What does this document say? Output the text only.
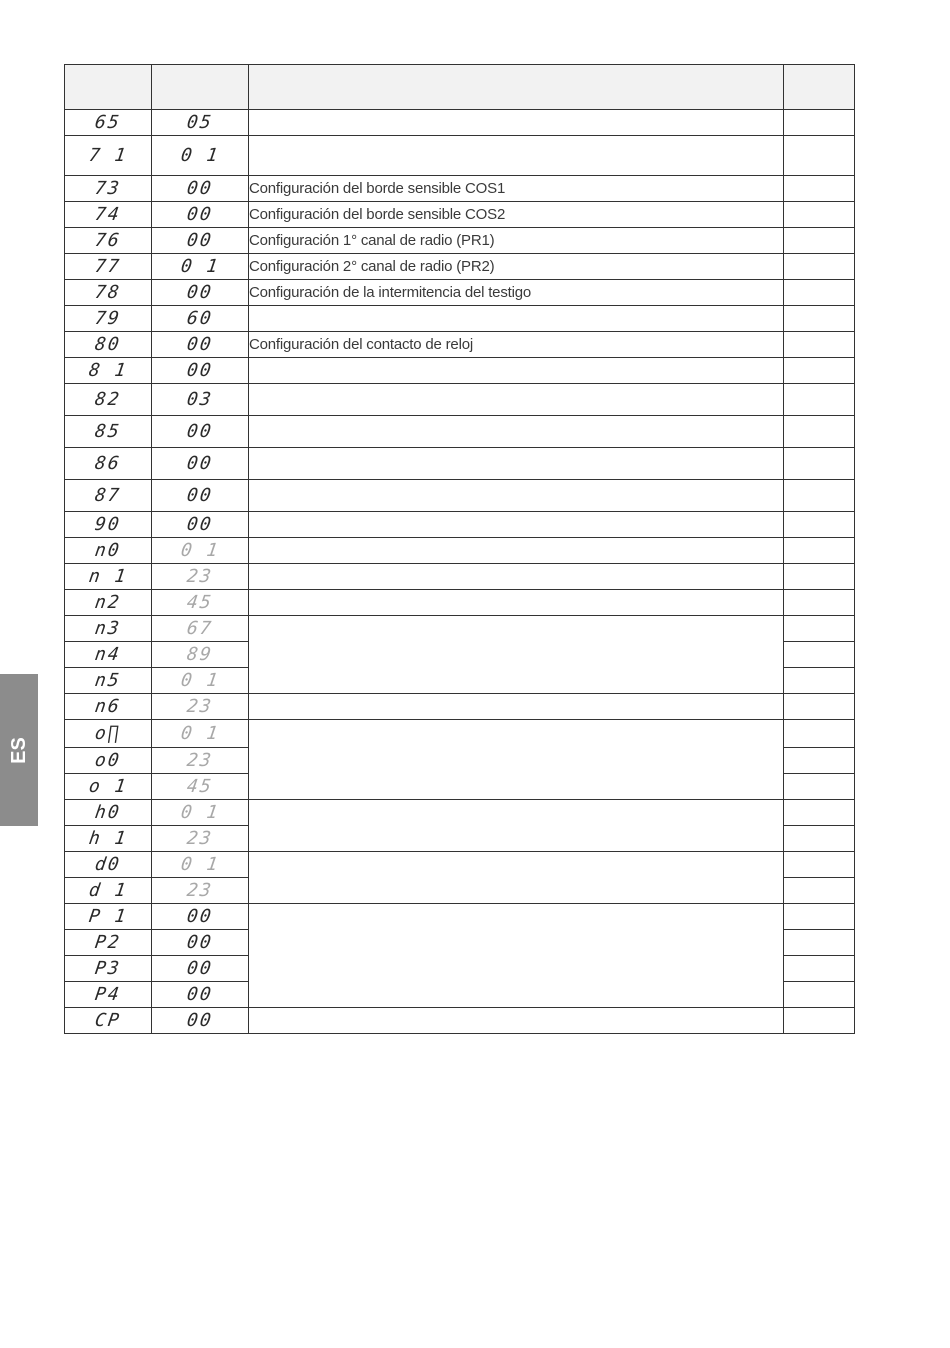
ES

65	05		
7 1	0 1		
73	00	Configuración del borde sensible COS1	
74	00	Configuración del borde sensible COS2	
76	00	Configuración 1° canal de radio (PR1)	
77	0 1	Configuración 2° canal de radio (PR2)	
78	00	Configuración de la intermitencia del testigo	
79	60		
80	00	Configuración del contacto de reloj	
8 1	00		
82	03		
85	00		
86	00		
87	00		
90	00		
n0	0 1		
n 1	23		
n2	45		
n3	67		
n4	89		
n5	0 1		
n6	23		
o∏	0 1		
o0	23		
o 1	45		
h0	0 1		
h 1	23		
d0	0 1		
d 1	23		
P 1	00		
P2	00		
P3	00		
P4	00		
CP	00		
